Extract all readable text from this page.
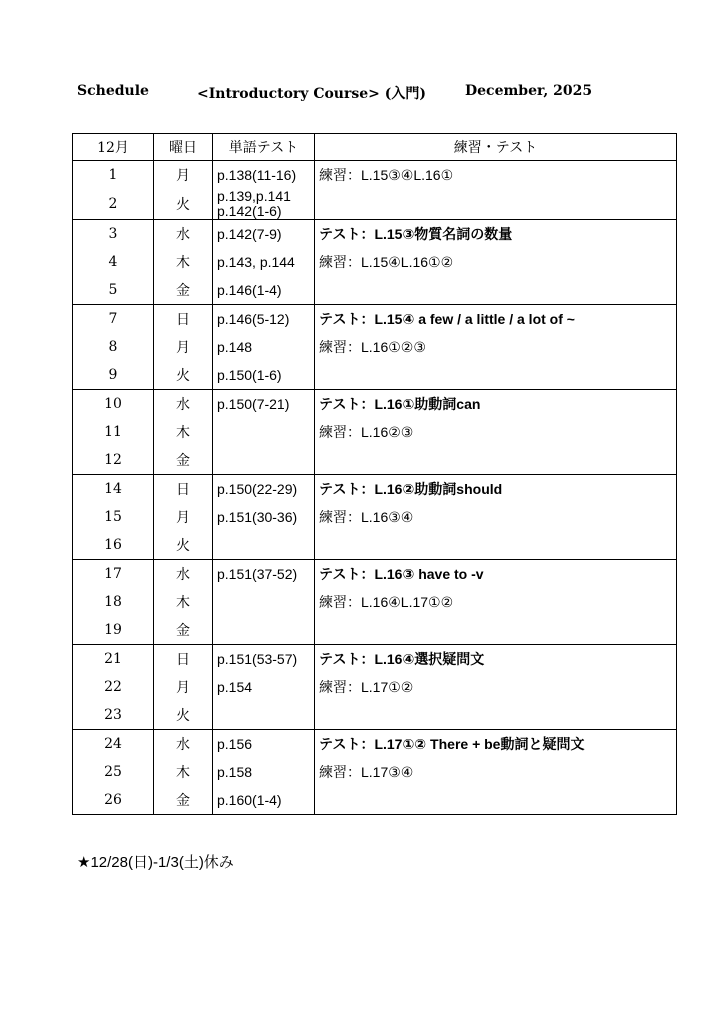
Schedule	<Introductory Course> (入門)	December, 2025
12月	曜日	単語テスト	練習・テスト
1	月	p.138(11-16)	練習：L.15③④L.16①
2	火	p.139,p.141
p.142(1-6)	

3	水	p.142(7-9)	テスト：L.15③物質名詞の数量
4	木	p.143, p.144	練習：L.15④L.16①②
5	金	p.146(1-4)	

7	日	p.146(5-12)	テスト：L.15④ a few / a little / a lot of ~
8	月	p.148	練習：L.16①②③
9	火	p.150(1-6)	

10	水	p.150(7-21)	テスト：L.16①助動詞can
11	木		練習：L.16②③
12	金	

14	日	p.150(22-29)	テスト：L.16②助動詞should
15	月	p.151(30-36)	練習：L.16③④
16	火	

17	水	p.151(37-52)	テスト：L.16③ have to -v
18	木		練習：L.16④L.17①②
19	金	

21	日	p.151(53-57)	テスト：L.16④選択疑問文
22	月	p.154	練習：L.17①②
23	火	

24	水	p.156	テスト：L.17①② There + be動詞と疑問文
25	木	p.158	練習：L.17③④
26	金	p.160(1-4)	

★12/28(日)-1/3(土)休み
